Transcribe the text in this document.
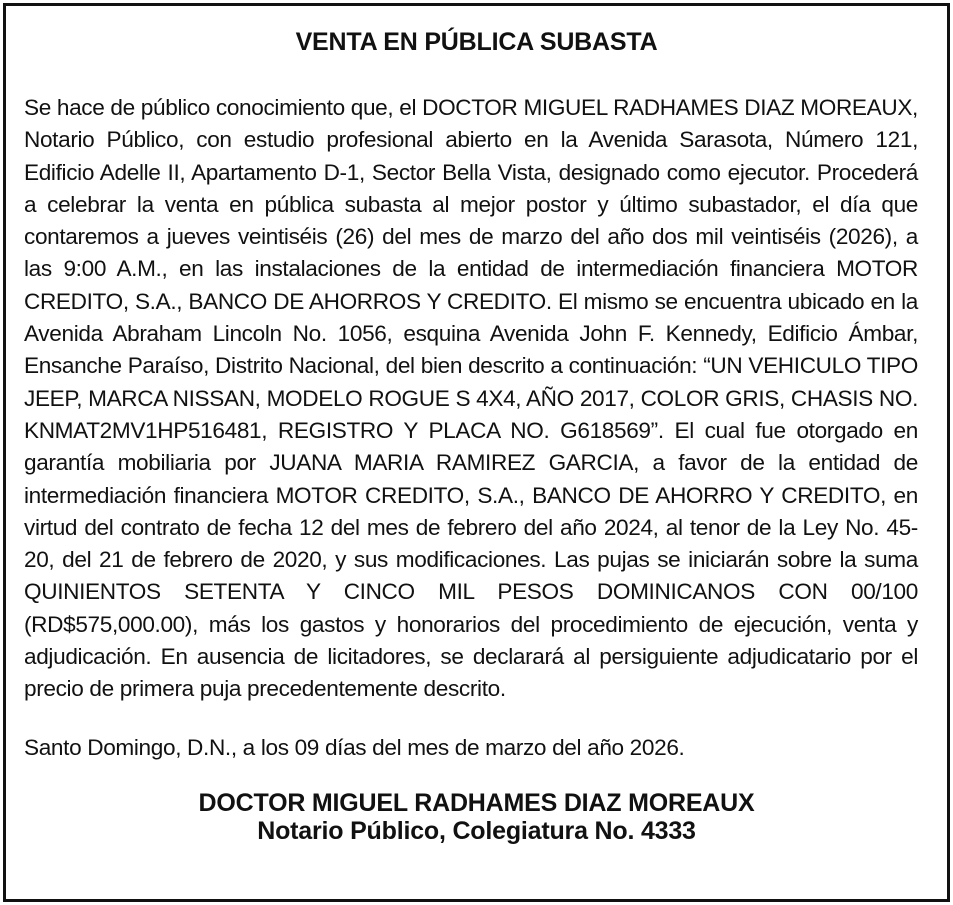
VENTA EN PÚBLICA SUBASTA

Se hace de público conocimiento que, el DOCTOR MIGUEL RADHAMES DIAZ MOREAUX, Notario Público, con estudio profesional abierto en la Avenida Sarasota, Número 121, Edificio Adelle II, Apartamento D-1, Sector Bella Vista, designado como ejecutor. Procederá a celebrar la venta en pública subasta al mejor postor y último subastador, el día que contaremos a jueves veintiséis (26) del mes de marzo del año dos mil veintiséis (2026), a las 9:00 A.M., en las instalaciones de la entidad de intermediación financiera MOTOR CREDITO, S.A., BANCO DE AHORROS Y CREDITO. El mismo se encuentra ubicado en la Avenida Abraham Lincoln No. 1056, esquina Avenida John F. Kennedy, Edificio Ámbar, Ensanche Paraíso, Distrito Nacional, del bien descrito a continuación: “UN VEHICULO TIPO JEEP, MARCA NISSAN, MODELO ROGUE S 4X4, AÑO 2017, COLOR GRIS, CHASIS NO. KNMAT2MV1HP516481, REGISTRO Y PLACA NO. G618569”. El cual fue otorgado en garantía mobiliaria por JUANA MARIA RAMIREZ GARCIA, a favor de la entidad de intermediación financiera MOTOR CREDITO, S.A., BANCO DE AHORRO Y CREDITO, en virtud del contrato de fecha 12 del mes de febrero del año 2024, al tenor de la Ley No. 45-20, del 21 de febrero de 2020, y sus modificaciones. Las pujas se iniciarán sobre la suma QUINIENTOS SETENTA Y CINCO MIL PESOS DOMINICANOS CON 00/100 (RD$575,000.00), más los gastos y honorarios del procedimiento de ejecución, venta y adjudicación. En ausencia de licitadores, se declarará al persiguiente adjudicatario por el precio de primera puja precedentemente descrito.

Santo Domingo, D.N., a los 09 días del mes de marzo del año 2026.

DOCTOR MIGUEL RADHAMES DIAZ MOREAUX
Notario Público, Colegiatura No. 4333
